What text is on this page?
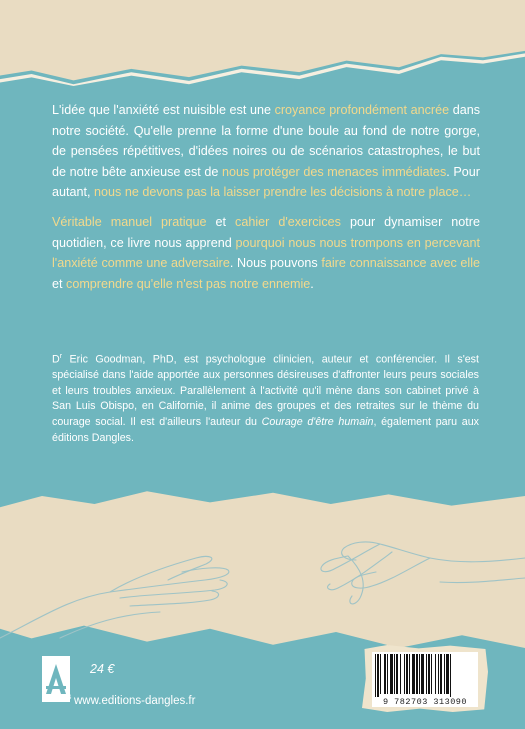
L'idée que l'anxiété est nuisible est une croyance profondément ancrée dans notre société. Qu'elle prenne la forme d'une boule au fond de notre gorge, de pensées répétitives, d'idées noires ou de scénarios catastrophes, le but de notre bête anxieuse est de nous protéger des menaces immédiates. Pour autant, nous ne devons pas la laisser prendre les décisions à notre place…
Véritable manuel pratique et cahier d'exercices pour dynamiser notre quotidien, ce livre nous apprend pourquoi nous nous trompons en percevant l'anxiété comme une adversaire. Nous pouvons faire connaissance avec elle et comprendre qu'elle n'est pas notre ennemie.
$D^r$ Eric Goodman, PhD, est psychologue clinicien, auteur et conférencier. Il s'est spécialisé dans l'aide apportée aux personnes désireuses d'affronter leurs peurs sociales et leurs troubles anxieux. Parallèlement à l'activité qu'il mène dans son cabinet privé à San Luis Obispo, en Californie, il anime des groupes et des retraites sur le thème du courage social. Il est d'ailleurs l'auteur du Courage d'être humain, également paru aux éditions Dangles.
DANGLES
24 €
www.editions-dangles.fr	9 782703 313090
